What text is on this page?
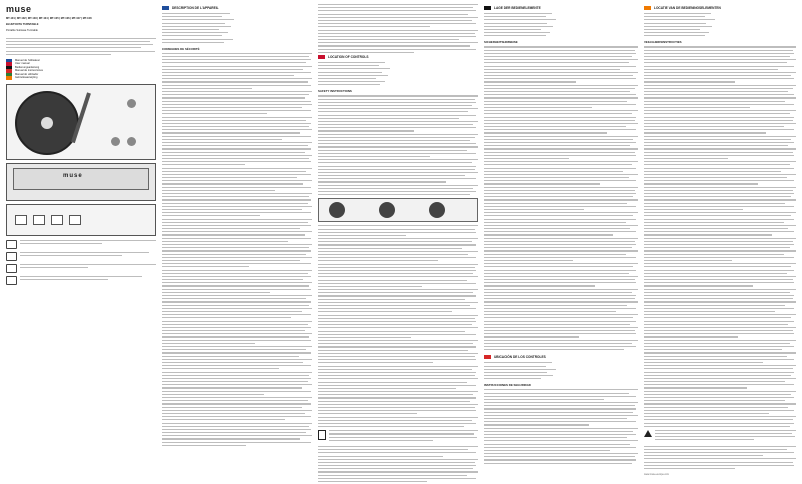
muse
MT-101 | MT-102 | MT-103 | MT-104 | MT-105 | MT-106 | MT-107 | MT-108
BLUETOOTH TURNTABLE
Portable Suitcase Turntable
Manuel de l'utilisateur
User manual
Bedienungsanleitung
Manual de instrucciones
Manual do utilizador
Gebruiksaanwijzing
muse
DESCRIPTION DE L'APPAREIL
CONSIGNES DE SÉCURITÉ
LOCATION OF CONTROLS
SAFETY INSTRUCTIONS
LAGE DER BEDIENELEMENTE
SICHERHEITSHINWEISE
UBICACIÓN DE LOS CONTROLES
INSTRUCCIONES DE SEGURIDAD
LOCATIE VAN DE BEDIENINGSELEMENTEN
VEILIGHEIDSINSTRUCTIES
www.muse-europe.com
